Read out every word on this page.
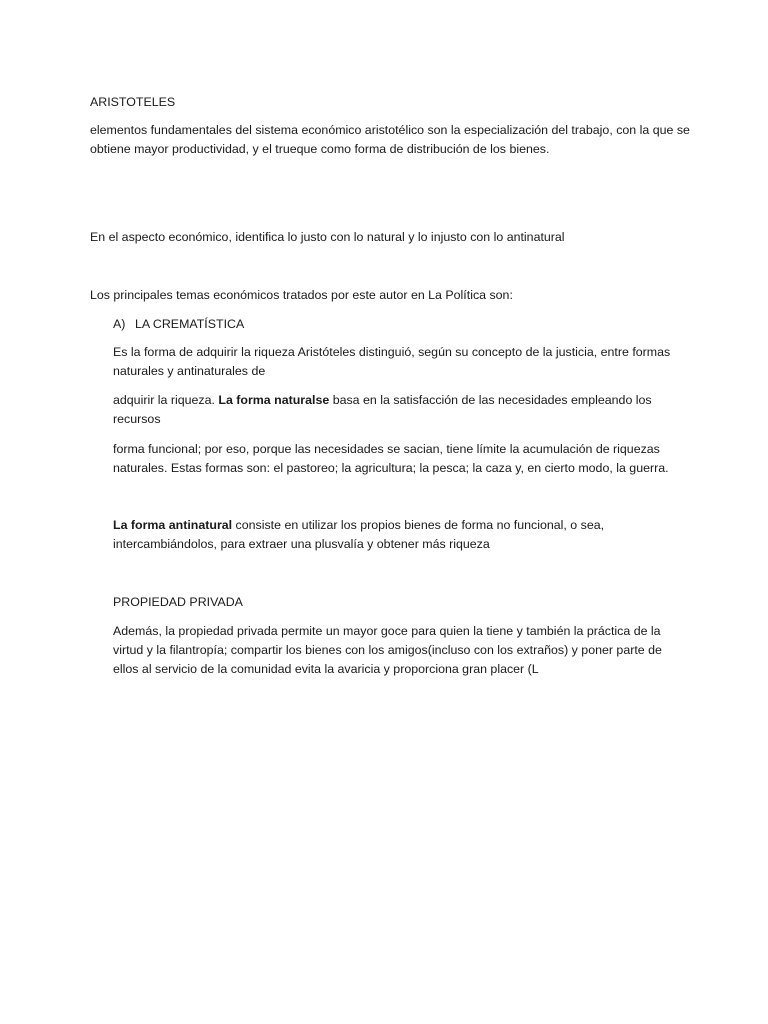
ARISTOTELES

elementos fundamentales del sistema económico aristotélico son la especialización del trabajo, con la que se obtiene mayor productividad, y el trueque como forma de distribución de los bienes.

En el aspecto económico, identifica lo justo con lo natural y lo injusto con lo antinatural

Los principales temas económicos tratados por este autor en La Política son:

A) LA CREMATÍSTICA

Es la forma de adquirir la riqueza Aristóteles distinguió, según su concepto de la justicia, entre formas naturales y antinaturales de

adquirir la riqueza. La forma naturalse basa en la satisfacción de las necesidades empleando los recursos

forma funcional; por eso, porque las necesidades se sacian, tiene límite la acumulación de riquezas naturales. Estas formas son: el pastoreo; la agricultura; la pesca; la caza y, en cierto modo, la guerra.

La forma antinatural consiste en utilizar los propios bienes de forma no funcional, o sea, intercambiándolos, para extraer una plusvalía y obtener más riqueza

PROPIEDAD PRIVADA

Además, la propiedad privada permite un mayor goce para quien la tiene y también la práctica de la virtud y la filantropía; compartir los bienes con los amigos(incluso con los extraños) y poner parte de ellos al servicio de la comunidad evita la avaricia y proporciona gran placer (L
